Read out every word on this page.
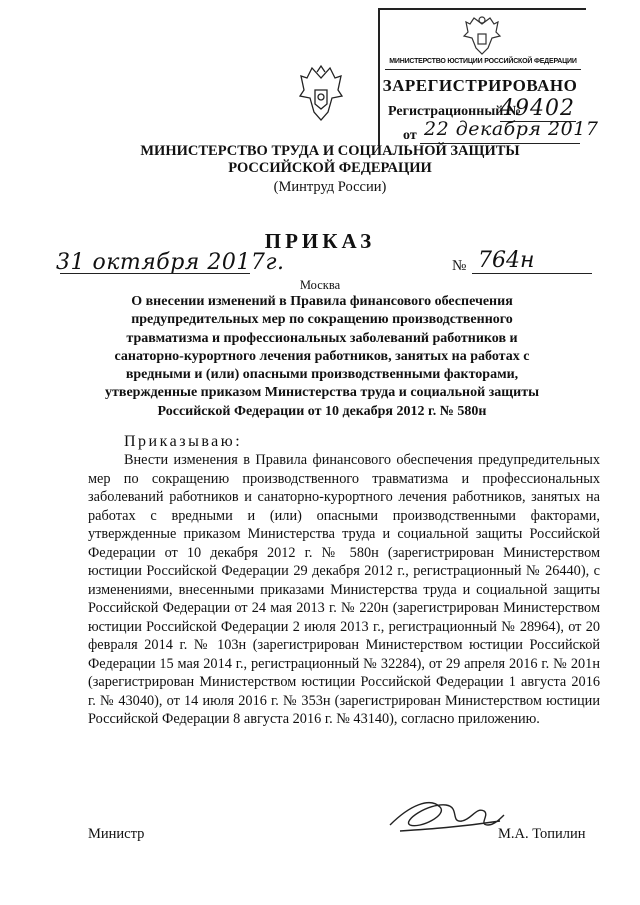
МИНИСТЕРСТВО ЮСТИЦИИ РОССИЙСКОЙ ФЕДЕРАЦИИ
ЗАРЕГИСТРИРОВАНО
Регистрационный №
49402
от 22 декабря 2017
МИНИСТЕРСТВО ТРУДА И СОЦИАЛЬНОЙ ЗАЩИТЫ
РОССИЙСКОЙ ФЕДЕРАЦИИ
(Минтруд России)
ПРИКАЗ
31 октября 2017г.	№ 764н
Москва
О внесении изменений в Правила финансового обеспечения предупредительных мер по сокращению производственного травматизма и профессиональных заболеваний работников и санаторно-курортного лечения работников, занятых на работах с вредными и (или) опасными производственными факторами, утвержденные приказом Министерства труда и социальной защиты Российской Федерации от 10 декабря 2012 г. № 580н
Приказываю:

Внести изменения в Правила финансового обеспечения предупредительных мер по сокращению производственного травматизма и профессиональных заболеваний работников и санаторно-курортного лечения работников, занятых на работах с вредными и (или) опасными производственными факторами, утвержденные приказом Министерства труда и социальной защиты Российской Федерации от 10 декабря 2012 г. № 580н (зарегистрирован Министерством юстиции Российской Федерации 29 декабря 2012 г., регистрационный № 26440), с изменениями, внесенными приказами Министерства труда и социальной защиты Российской Федерации от 24 мая 2013 г. № 220н (зарегистрирован Министерством юстиции Российской Федерации 2 июля 2013 г., регистрационный № 28964), от 20 февраля 2014 г. № 103н (зарегистрирован Министерством юстиции Российской Федерации 15 мая 2014 г., регистрационный № 32284), от 29 апреля 2016 г. № 201н (зарегистрирован Министерством юстиции Российской Федерации 1 августа 2016 г. № 43040), от 14 июля 2016 г. № 353н (зарегистрирован Министерством юстиции Российской Федерации 8 августа 2016 г. № 43140), согласно приложению.

Министр	М.А. Топилин
